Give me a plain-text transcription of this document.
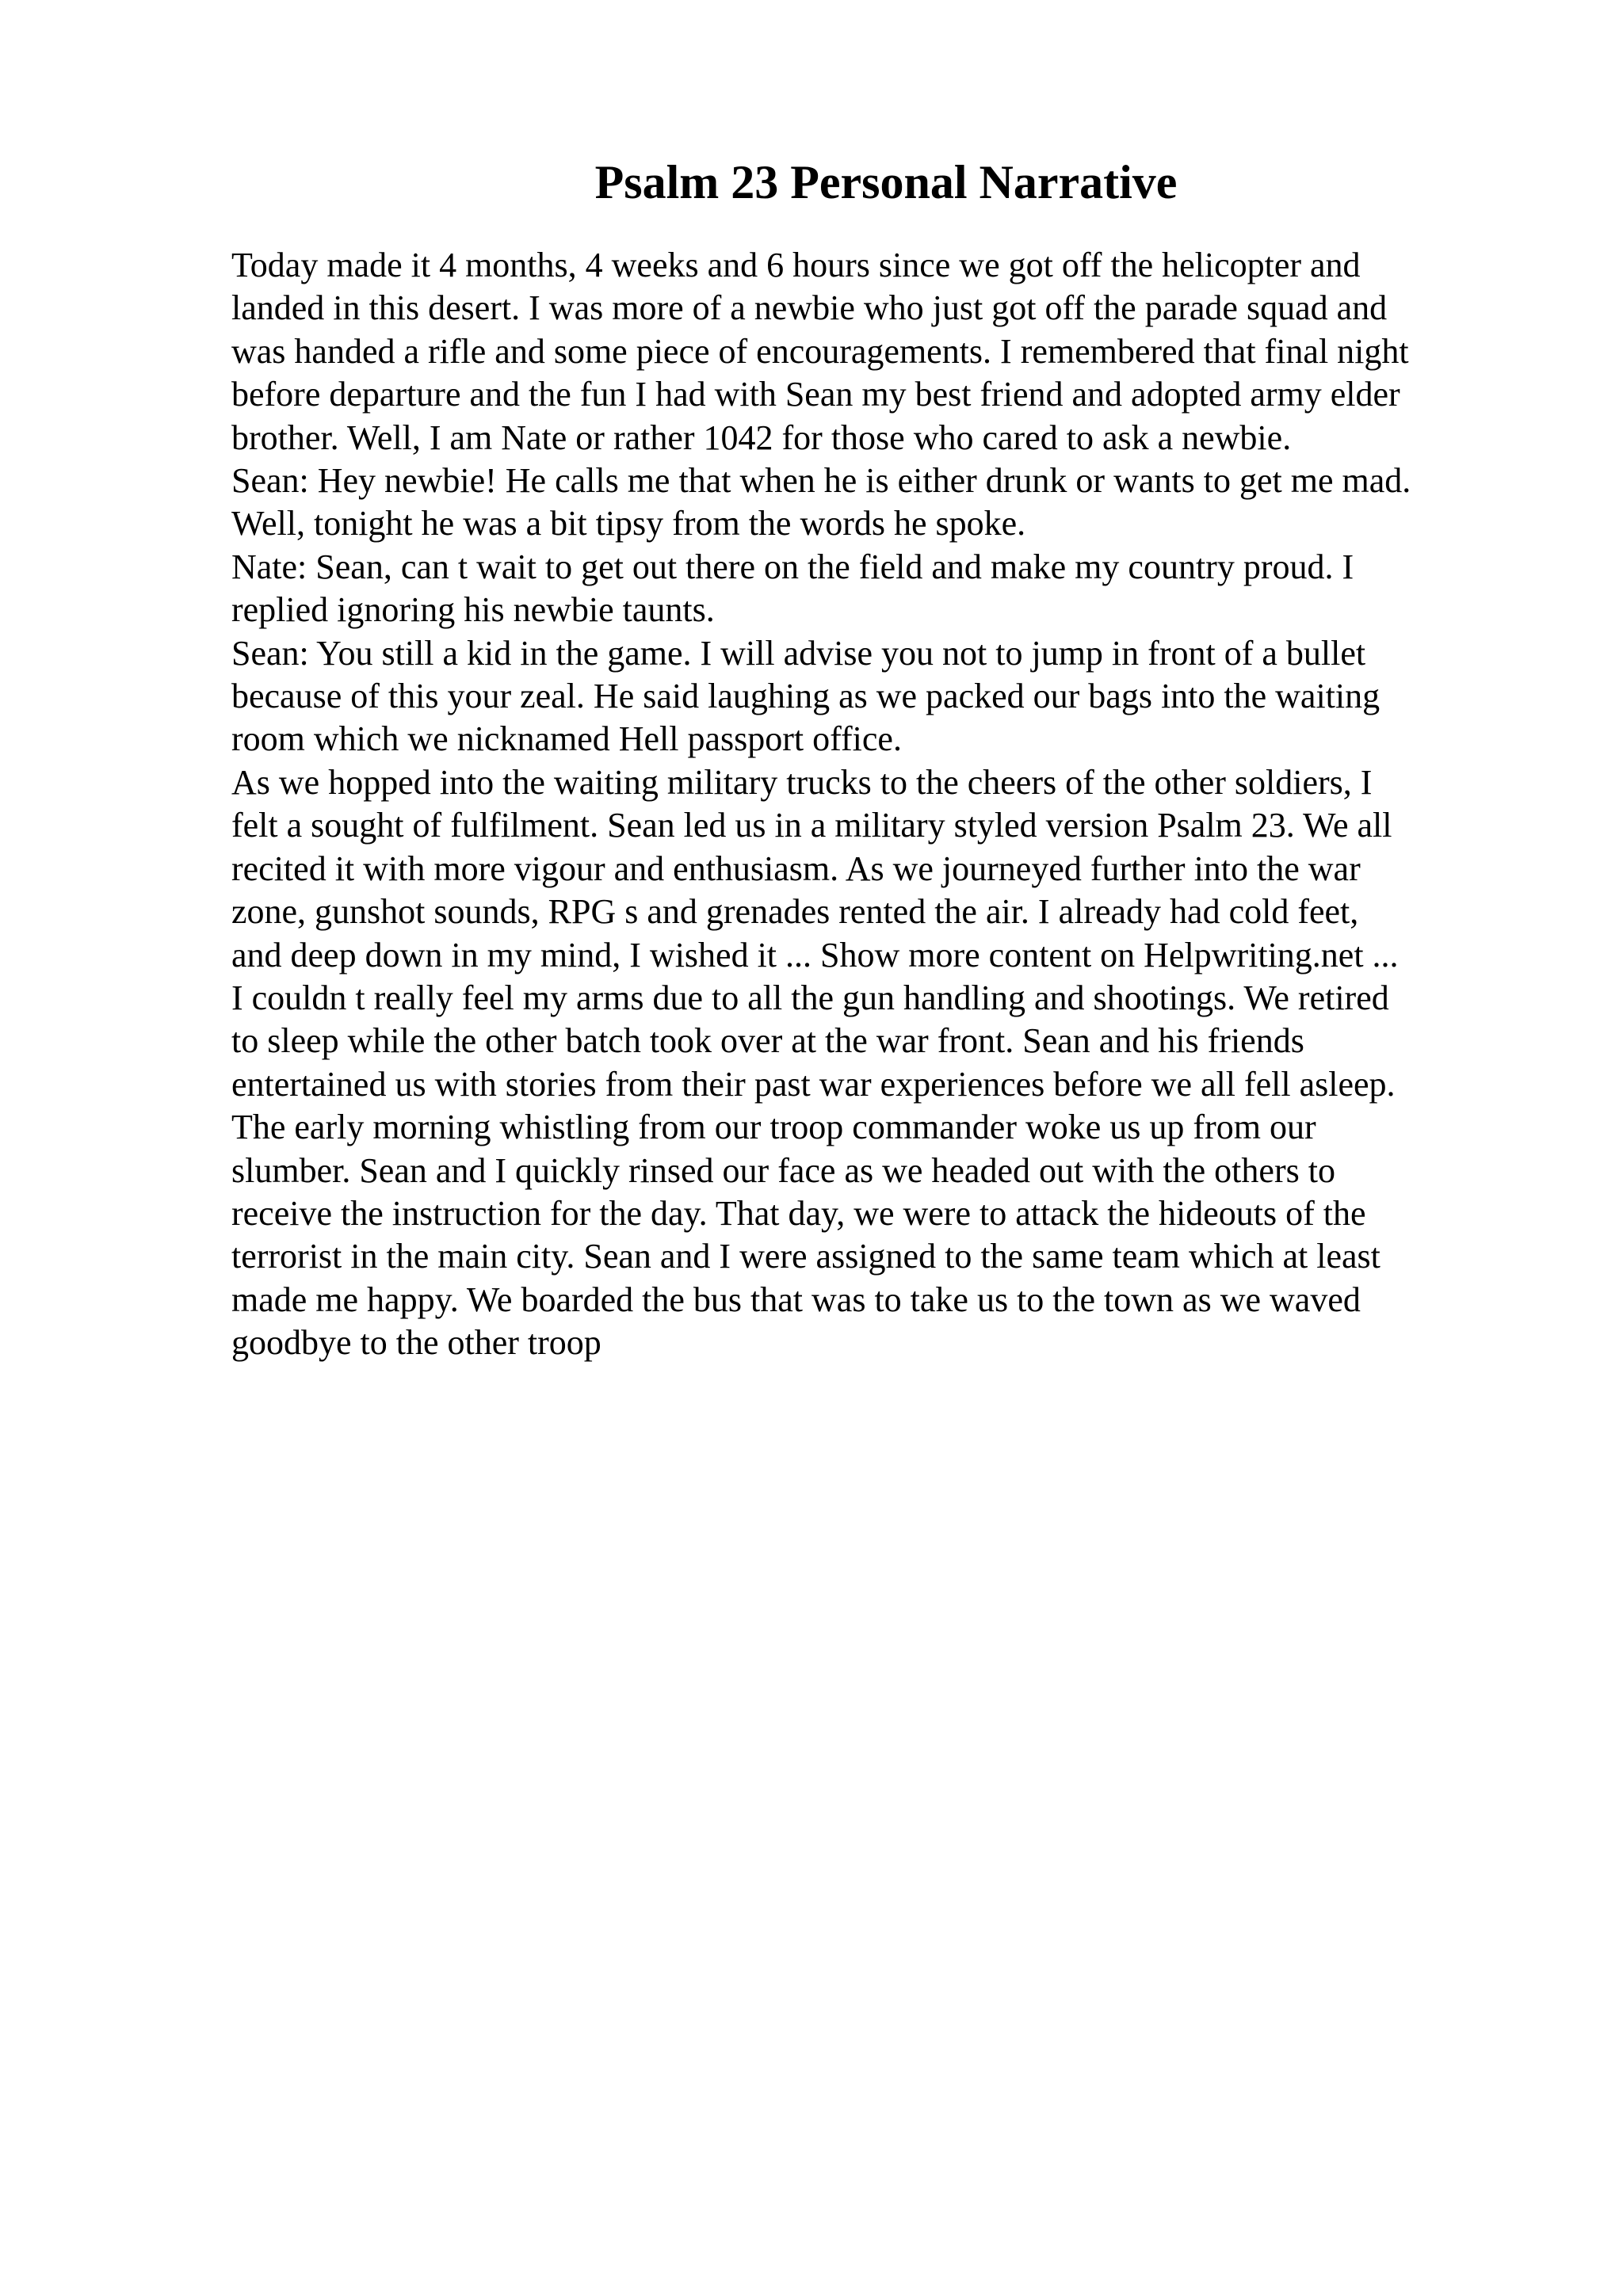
Psalm 23 Personal Narrative
Today made it 4 months, 4 weeks and 6 hours since we got off the helicopter and
landed in this desert. I was more of a newbie who just got off the parade squad and
was handed a rifle and some piece of encouragements. I remembered that final night
before departure and the fun I had with Sean my best friend and adopted army elder
brother. Well, I am Nate or rather 1042 for those who cared to ask a newbie.
Sean: Hey newbie! He calls me that when he is either drunk or wants to get me mad.
Well, tonight he was a bit tipsy from the words he spoke.
Nate: Sean, can t wait to get out there on the field and make my country proud. I
replied ignoring his newbie taunts.
Sean: You still a kid in the game. I will advise you not to jump in front of a bullet
because of this your zeal. He said laughing as we packed our bags into the waiting
room which we nicknamed Hell passport office.
As we hopped into the waiting military trucks to the cheers of the other soldiers, I
felt a sought of fulfilment. Sean led us in a military styled version Psalm 23. We all
recited it with more vigour and enthusiasm. As we journeyed further into the war
zone, gunshot sounds, RPG s and grenades rented the air. I already had cold feet,
and deep down in my mind, I wished it ... Show more content on Helpwriting.net ...
I couldn t really feel my arms due to all the gun handling and shootings. We retired
to sleep while the other batch took over at the war front. Sean and his friends
entertained us with stories from their past war experiences before we all fell asleep.
The early morning whistling from our troop commander woke us up from our
slumber. Sean and I quickly rinsed our face as we headed out with the others to
receive the instruction for the day. That day, we were to attack the hideouts of the
terrorist in the main city. Sean and I were assigned to the same team which at least
made me happy. We boarded the bus that was to take us to the town as we waved
goodbye to the other troop
